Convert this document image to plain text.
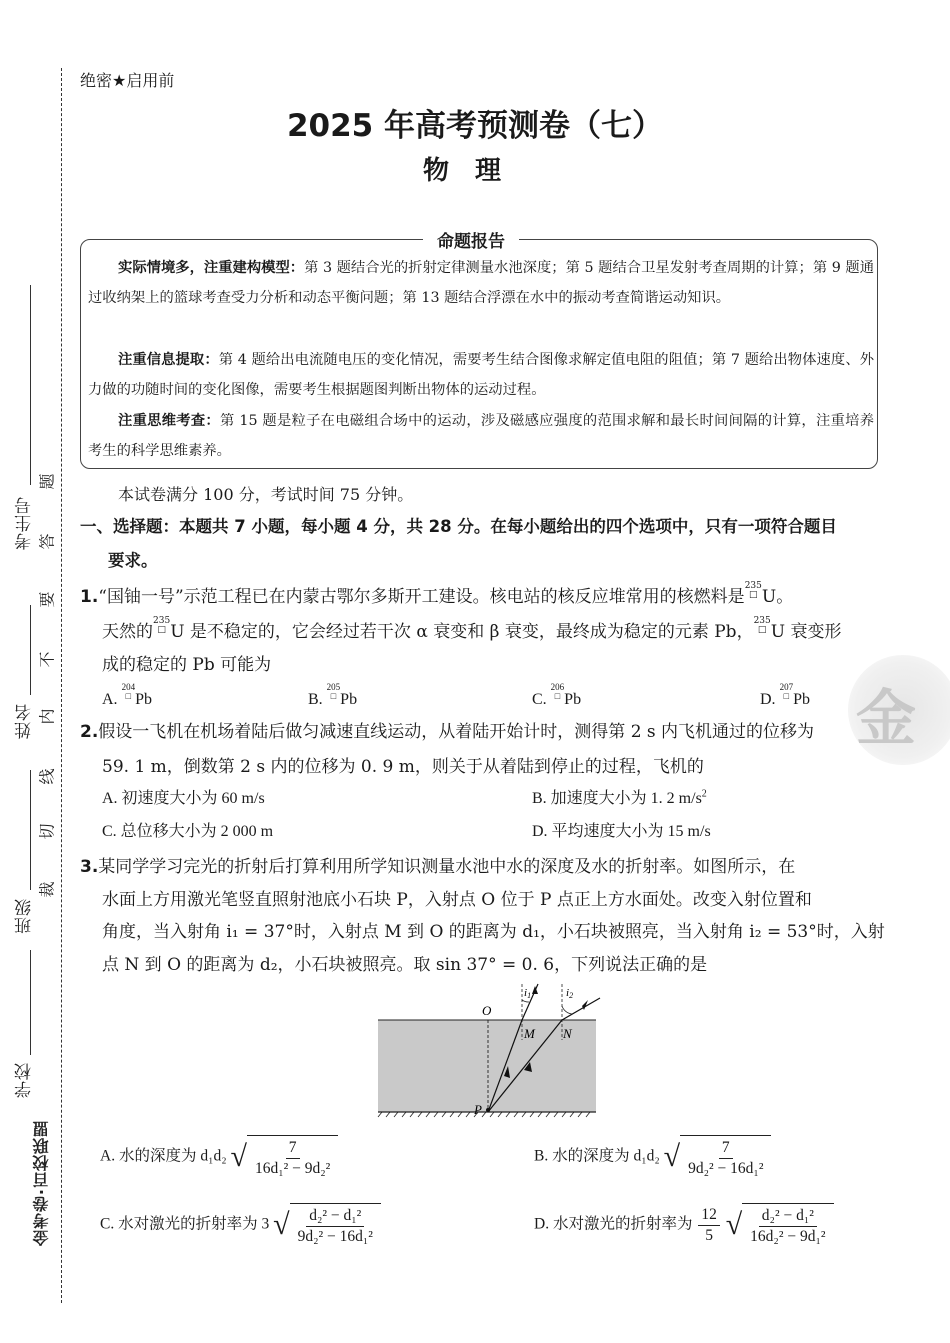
学校
班级
姓名
考生号
题
答
要
不
内
线
切
裁
金考卷·百校联盟
绝密★启用前
2025 年高考预测卷（七）
物理
命题报告
实际情境多，注重建构模型：第 3 题结合光的折射定律测量水池深度；第 5 题结合卫星发射考查周期的计算；第 9 题通过收纳架上的篮球考查受力分析和动态平衡问题；第 13 题结合浮漂在水中的振动考查简谐运动知识。
注重信息提取：第 4 题给出电流随电压的变化情况，需要考生结合图像求解定值电阻的阻值；第 7 题给出物体速度、外力做的功随时间的变化图像，需要考生根据题图判断出物体的运动过程。
注重思维考查：第 15 题是粒子在电磁组合场中的运动，涉及磁感应强度的范围求解和最长时间间隔的计算，注重培养考生的科学思维素养。
本试卷满分 100 分，考试时间 75 分钟。
一、选择题：本题共 7 小题，每小题 4 分，共 28 分。在每小题给出的四个选项中，只有一项符合题目
要求。
1.“国铀一号”示范工程已在内蒙古鄂尔多斯开工建设。核电站的核反应堆常用的核燃料是235
□ U。
天然的235
□ U 是不稳定的，它会经过若干次 α 衰变和 β 衰变，最终成为稳定的元素 Pb，235
□ U 衰变形
成的稳定的 Pb 可能为
A. 204
□ Pb	B. 205
□ Pb	C. 206
□ Pb	D. 207
□ Pb 金
2.假设一飞机在机场着陆后做匀减速直线运动，从着陆开始计时，测得第 2 s 内飞机通过的位移为
59. 1 m，倒数第 2 s 内的位移为 0. 9 m，则关于从着陆到停止的过程，飞机的
A. 初速度大小为 60 m/s	B. 加速度大小为 1. 2 $m/s^2$
C. 总位移大小为 2 000 m	D. 平均速度大小为 15 m/s
3.某同学学习完光的折射后打算利用所学知识测量水池中水的深度及水的折射率。如图所示，在
水面上方用激光笔竖直照射池底小石块 P，入射点 O 位于 P 点正上方水面处。改变入射位置和
角度，当入射角 i₁ = 37°时，入射点 M 到 O 的距离为 d₁，小石块被照亮，当入射角 i₂ = 53°时，入射
点 N 到 O 的距离为 d₂，小石块被照亮。取 sin 37° = 0. 6，下列说法正确的是
O
M N
P
i1	i2
A. 水的深度为 d₁d₂ √ $\frac{7}{\text{16d₁² − 9d₂²}}$	B. 水的深度为 d₁d₂ √ $\frac{7}{\text{9d₂² − 16d₁²}}$
C. 水对激光的折射率为 3 √ $\frac{\text{d₂² − d₁²}}{\text{9d₂² − 16d₁²}}$	D. 水对激光的折射率为 $\frac{12}{5}$
√ $\frac{\text{d₂² − d₁²}}{\text{16d₂² − 9d₁²}}$
